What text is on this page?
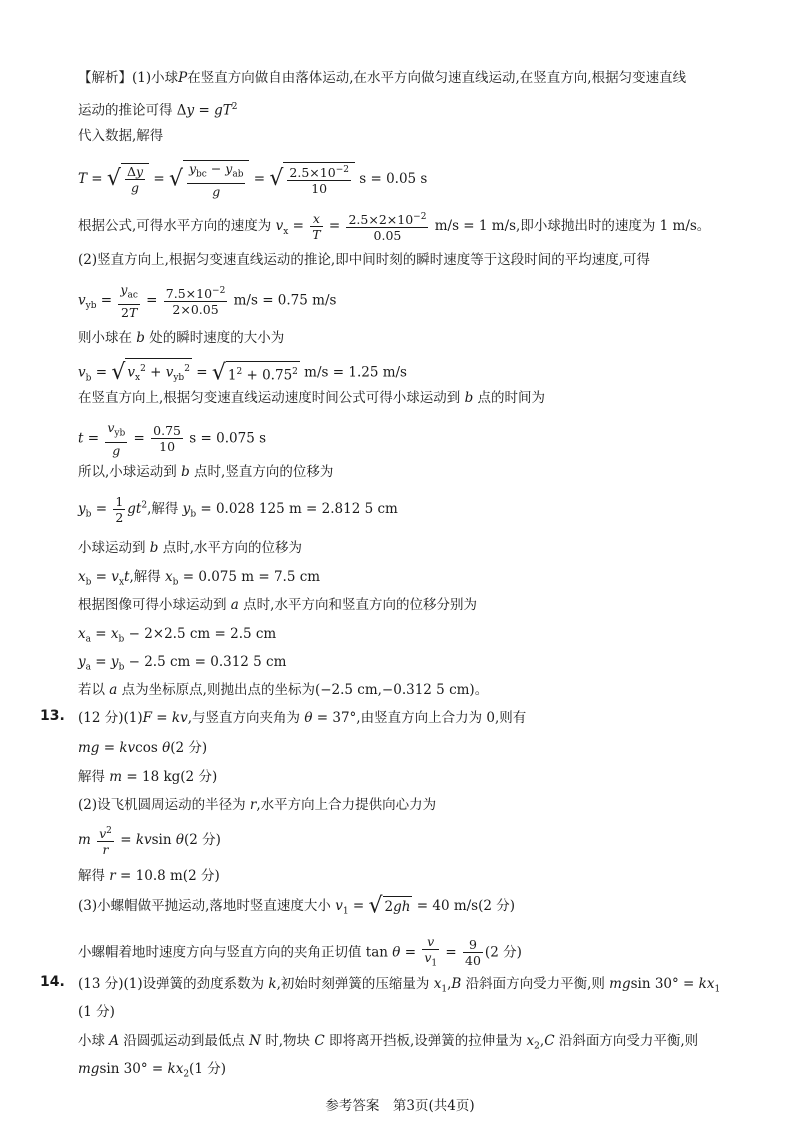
【解析】(1)小球P在竖直方向做自由落体运动,在水平方向做匀速直线运动,在竖直方向,根据匀变速直线
运动的推论可得 $\Delta y = gT^2$
代入数据,解得
T = √ $\frac{\Delta y}{g}$ = √ $\frac{y_{bc} - y_{ab}}{g}$ = √ $\frac{2.5\times 10^{-2}}{10}$ s = 0.05 s
根据公式,可得水平方向的速度为 $v_x = \frac{x}{T} = \frac{2.5\times 2\times 10^{-2}}{0.05} m/s = 1$ m/s,即小球抛出时的速度为 1 m/s。
(2)竖直方向上,根据匀变速直线运动的推论,即中间时刻的瞬时速度等于这段时间的平均速度,可得
$v_{yb} = \frac{y_{ac}}{2T} = \frac{7.5\times 10^{-2}}{2\times 0.05} m/s = 0.75$ m/s
则小球在 b 处的瞬时速度的大小为
$v_b$ = √ $v_x^2 + v_{yb}^2$ = √ $1^2 + 0.75^2$ m/s = 1.25 m/s
在竖直方向上,根据匀变速直线运动速度时间公式可得小球运动到 b 点的时间为
$t = \frac{v_{yb}}{g} = \frac{0.75}{10}$ s = 0.075 s
所以,小球运动到 b 点时,竖直方向的位移为
$y_b = \frac{1}{2} gt^2$,解得 $y_b = 0.028$ 125 m = 2.812 5 cm
小球运动到 b 点时,水平方向的位移为
$x_b = v_xt$,解得 $x_b = 0.075$ m = 7.5 cm
根据图像可得小球运动到 a 点时,水平方向和竖直方向的位移分别为
$x_a = x_b - 2\times 2.5$ cm = 2.5 cm
$y_a = y_b - 2.5$ cm = 0.312 5 cm
若以 a 点为坐标原点,则抛出点的坐标为(−2.5 cm,−0.312 5 cm)。
13. (12 分)(1)F = kv,与竖直方向夹角为 θ = 37°,由竖直方向上合力为 0,则有
mg = kvcos θ(2 分)
解得 m = 18 kg(2 分)
(2)设飞机圆周运动的半径为 r,水平方向上合力提供向心力为
m $\frac{v^2}{r} = kvsin$ θ(2 分)
解得 r = 10.8 m(2 分)
(3)小螺帽做平抛运动,落地时竖直速度大小 $v_1$ = √ 2gh = 40 m/s(2 分)
小螺帽着地时速度方向与竖直方向的夹角正切值 $\tan \theta = \frac{v}{v_1} = \frac{9}{40} (2$ 分)
14. (13 分)(1)设弹簧的劲度系数为 k,初始时刻弹簧的压缩量为 $x_1,B$ 沿斜面方向受力平衡,则 mgsin $30^\circ = kx_1$
(1 分)
小球 A 沿圆弧运动到最低点 N 时,物块 C 即将离开挡板,设弹簧的拉伸量为 $x_2,C$ 沿斜面方向受力平衡,则
mgsin $30^\circ = kx_2(1$ 分)
参考答案　第3页(共4页)
